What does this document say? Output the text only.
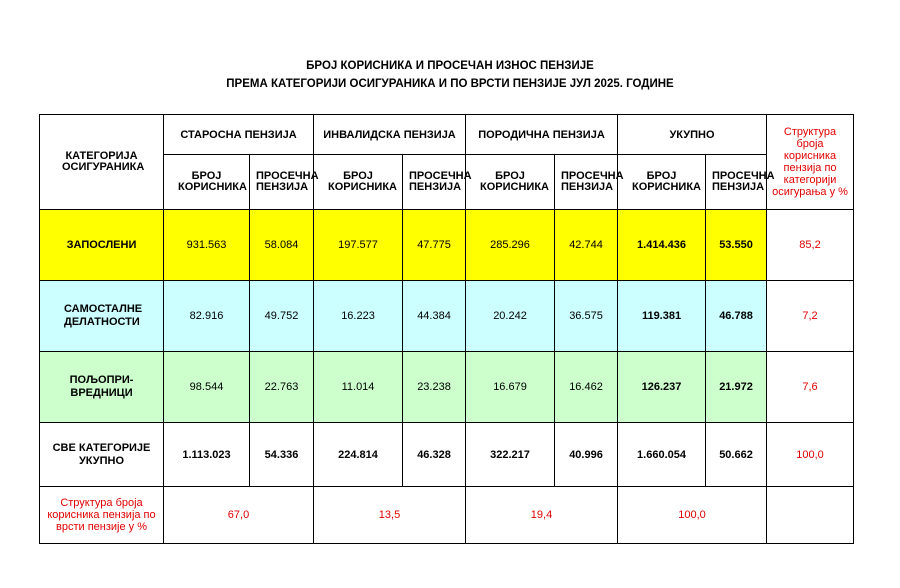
БРОЈ КОРИСНИКА И ПРОСЕЧАН ИЗНОС ПЕНЗИЈЕ
ПРЕМА КАТЕГОРИЈИ ОСИГУРАНИКА И ПО ВРСТИ ПЕНЗИЈЕ ЈУЛ 2025. ГОДИНЕ
КАТЕГОРИЈА ОСИГУРАНИКА	СТАРОСНА ПЕНЗИЈА		ИНВАЛИДСКА ПЕНЗИЈА		ПОРОДИЧНА ПЕНЗИЈА		УКУПНО		Структура броја корисника пензија по категорији осигурања у %
	БРОЈ КОРИСНИКА	ПРОСЕЧНА ПЕНЗИЈА	БРОЈ КОРИСНИКА	ПРОСЕЧНА ПЕНЗИЈА	БРОЈ КОРИСНИКА	ПРОСЕЧНА ПЕНЗИЈА	БРОЈ КОРИСНИКА	ПРОСЕЧНА ПЕНЗИЈА	
ЗАПОСЛЕНИ	931.563	58.084	197.577	47.775	285.296	42.744	1.414.436	53.550	85,2
САМОСТАЛНЕ ДЕЛАТНОСТИ	82.916	49.752	16.223	44.384	20.242	36.575	119.381	46.788	7,2
ПОЉОПРИ-ВРЕДНИЦИ	98.544	22.763	11.014	23.238	16.679	16.462	126.237	21.972	7,6
СВЕ КАТЕГОРИЈЕ УКУПНО	1.113.023	54.336	224.814	46.328	322.217	40.996	1.660.054	50.662	100,0
Структура броја корисника пензија по врсти пензије у %	67,0		13,5		19,4		100,0		
